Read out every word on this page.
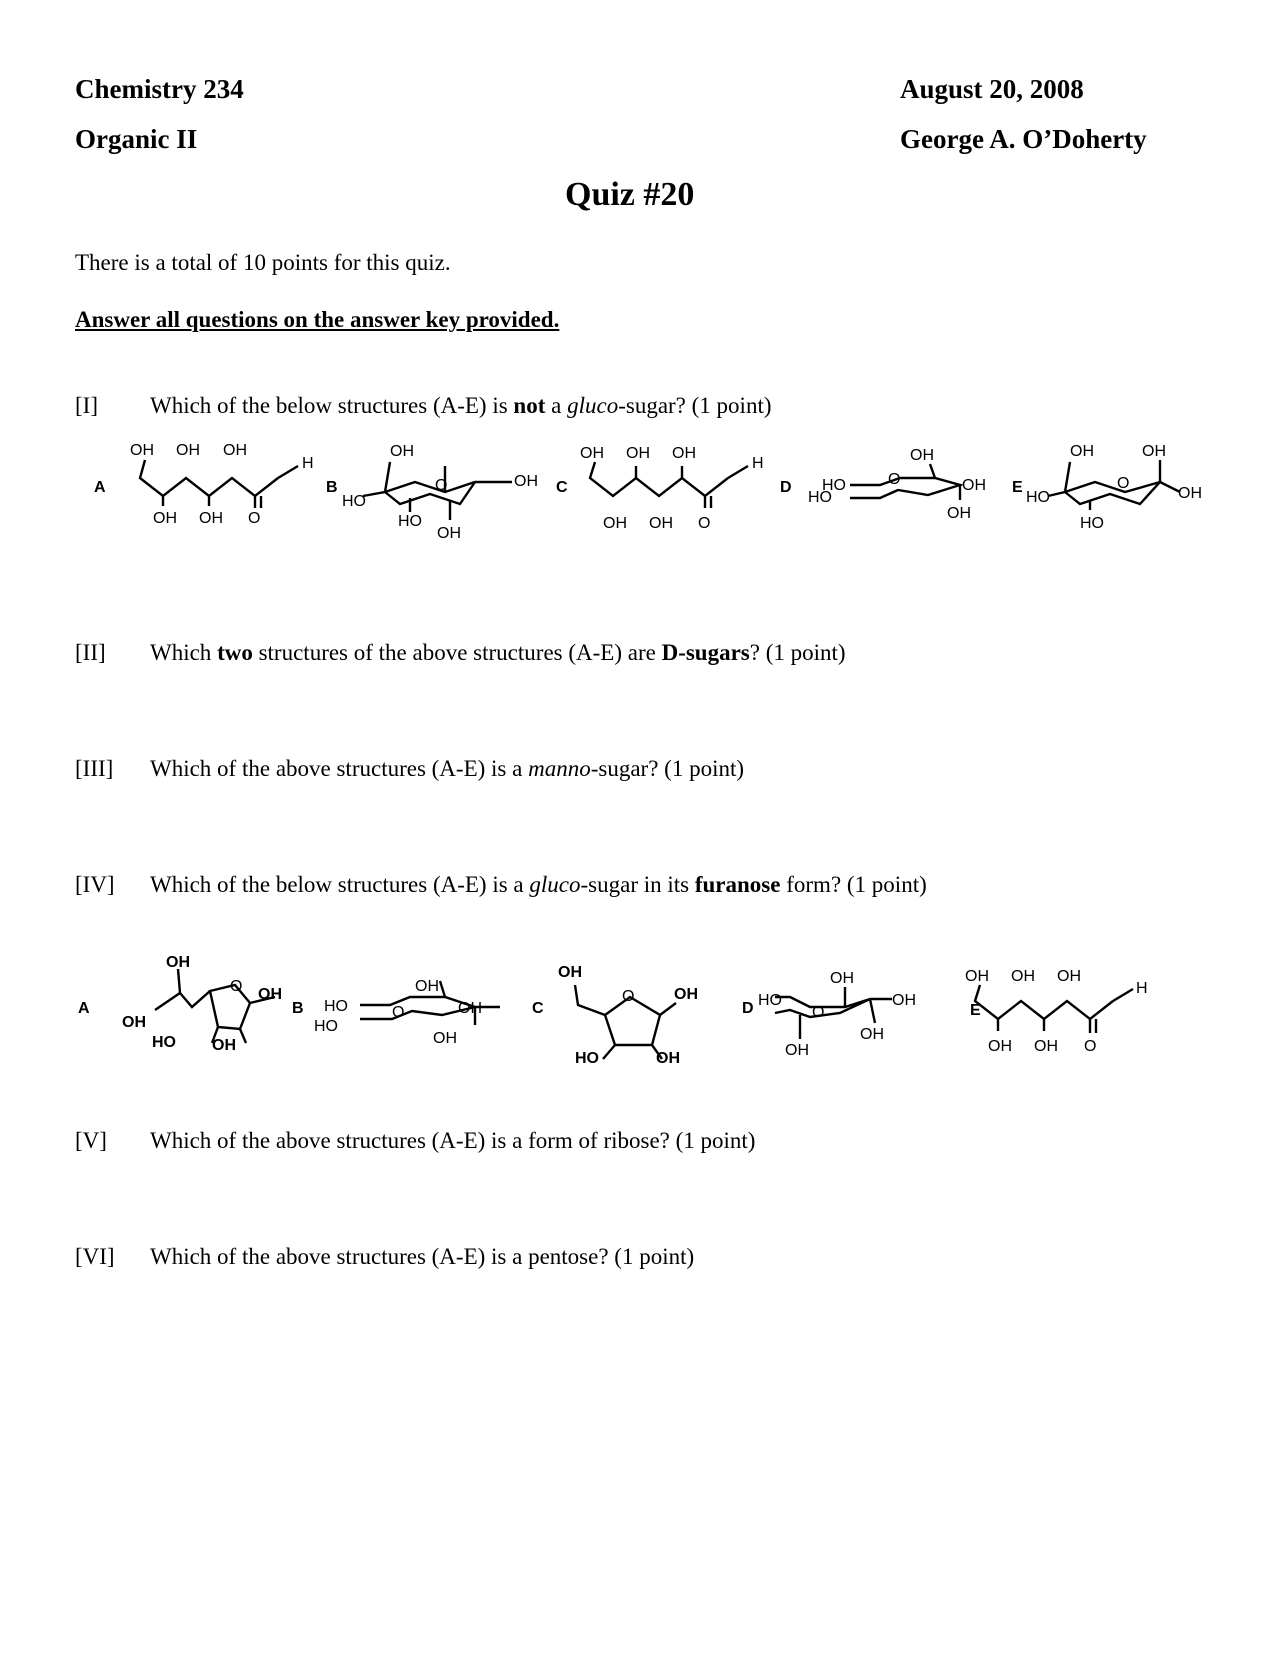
Chemistry 234
Organic II
August 20, 2008
George A. O’Doherty
Quiz #20
There is a total of 10 points for this quiz.
Answer all questions on the answer key provided.
[I] Which of the below structures (A-E) is not a gluco-sugar? (1 point)
A
OH OH OH
H
OH OH O
B
OH
HO
HO
OH
O	OH C
OH OH OH
H
OH OH O
D HO
HO
O
OH
OH
OH
E
OH	OH
HO
HO
O
OH
[II] Which two structures of the above structures (A-E) are D-sugars? (1 point)
[III] Which of the above structures (A-E) is a manno-sugar? (1 point)
[IV] Which of the below structures (A-E) is a gluco-sugar in its furanose form? (1 point)
A
OH
O OH
OH
HO OH
B HO
HO
O
OH
OH
OH
C
OH
O OH
HO	OH
D HO
O
OH
OH
OH
OH
E
OH OH OH
H
OH OH O
[V] Which of the above structures (A-E) is a form of ribose? (1 point)
[VI] Which of the above structures (A-E) is a pentose? (1 point)
